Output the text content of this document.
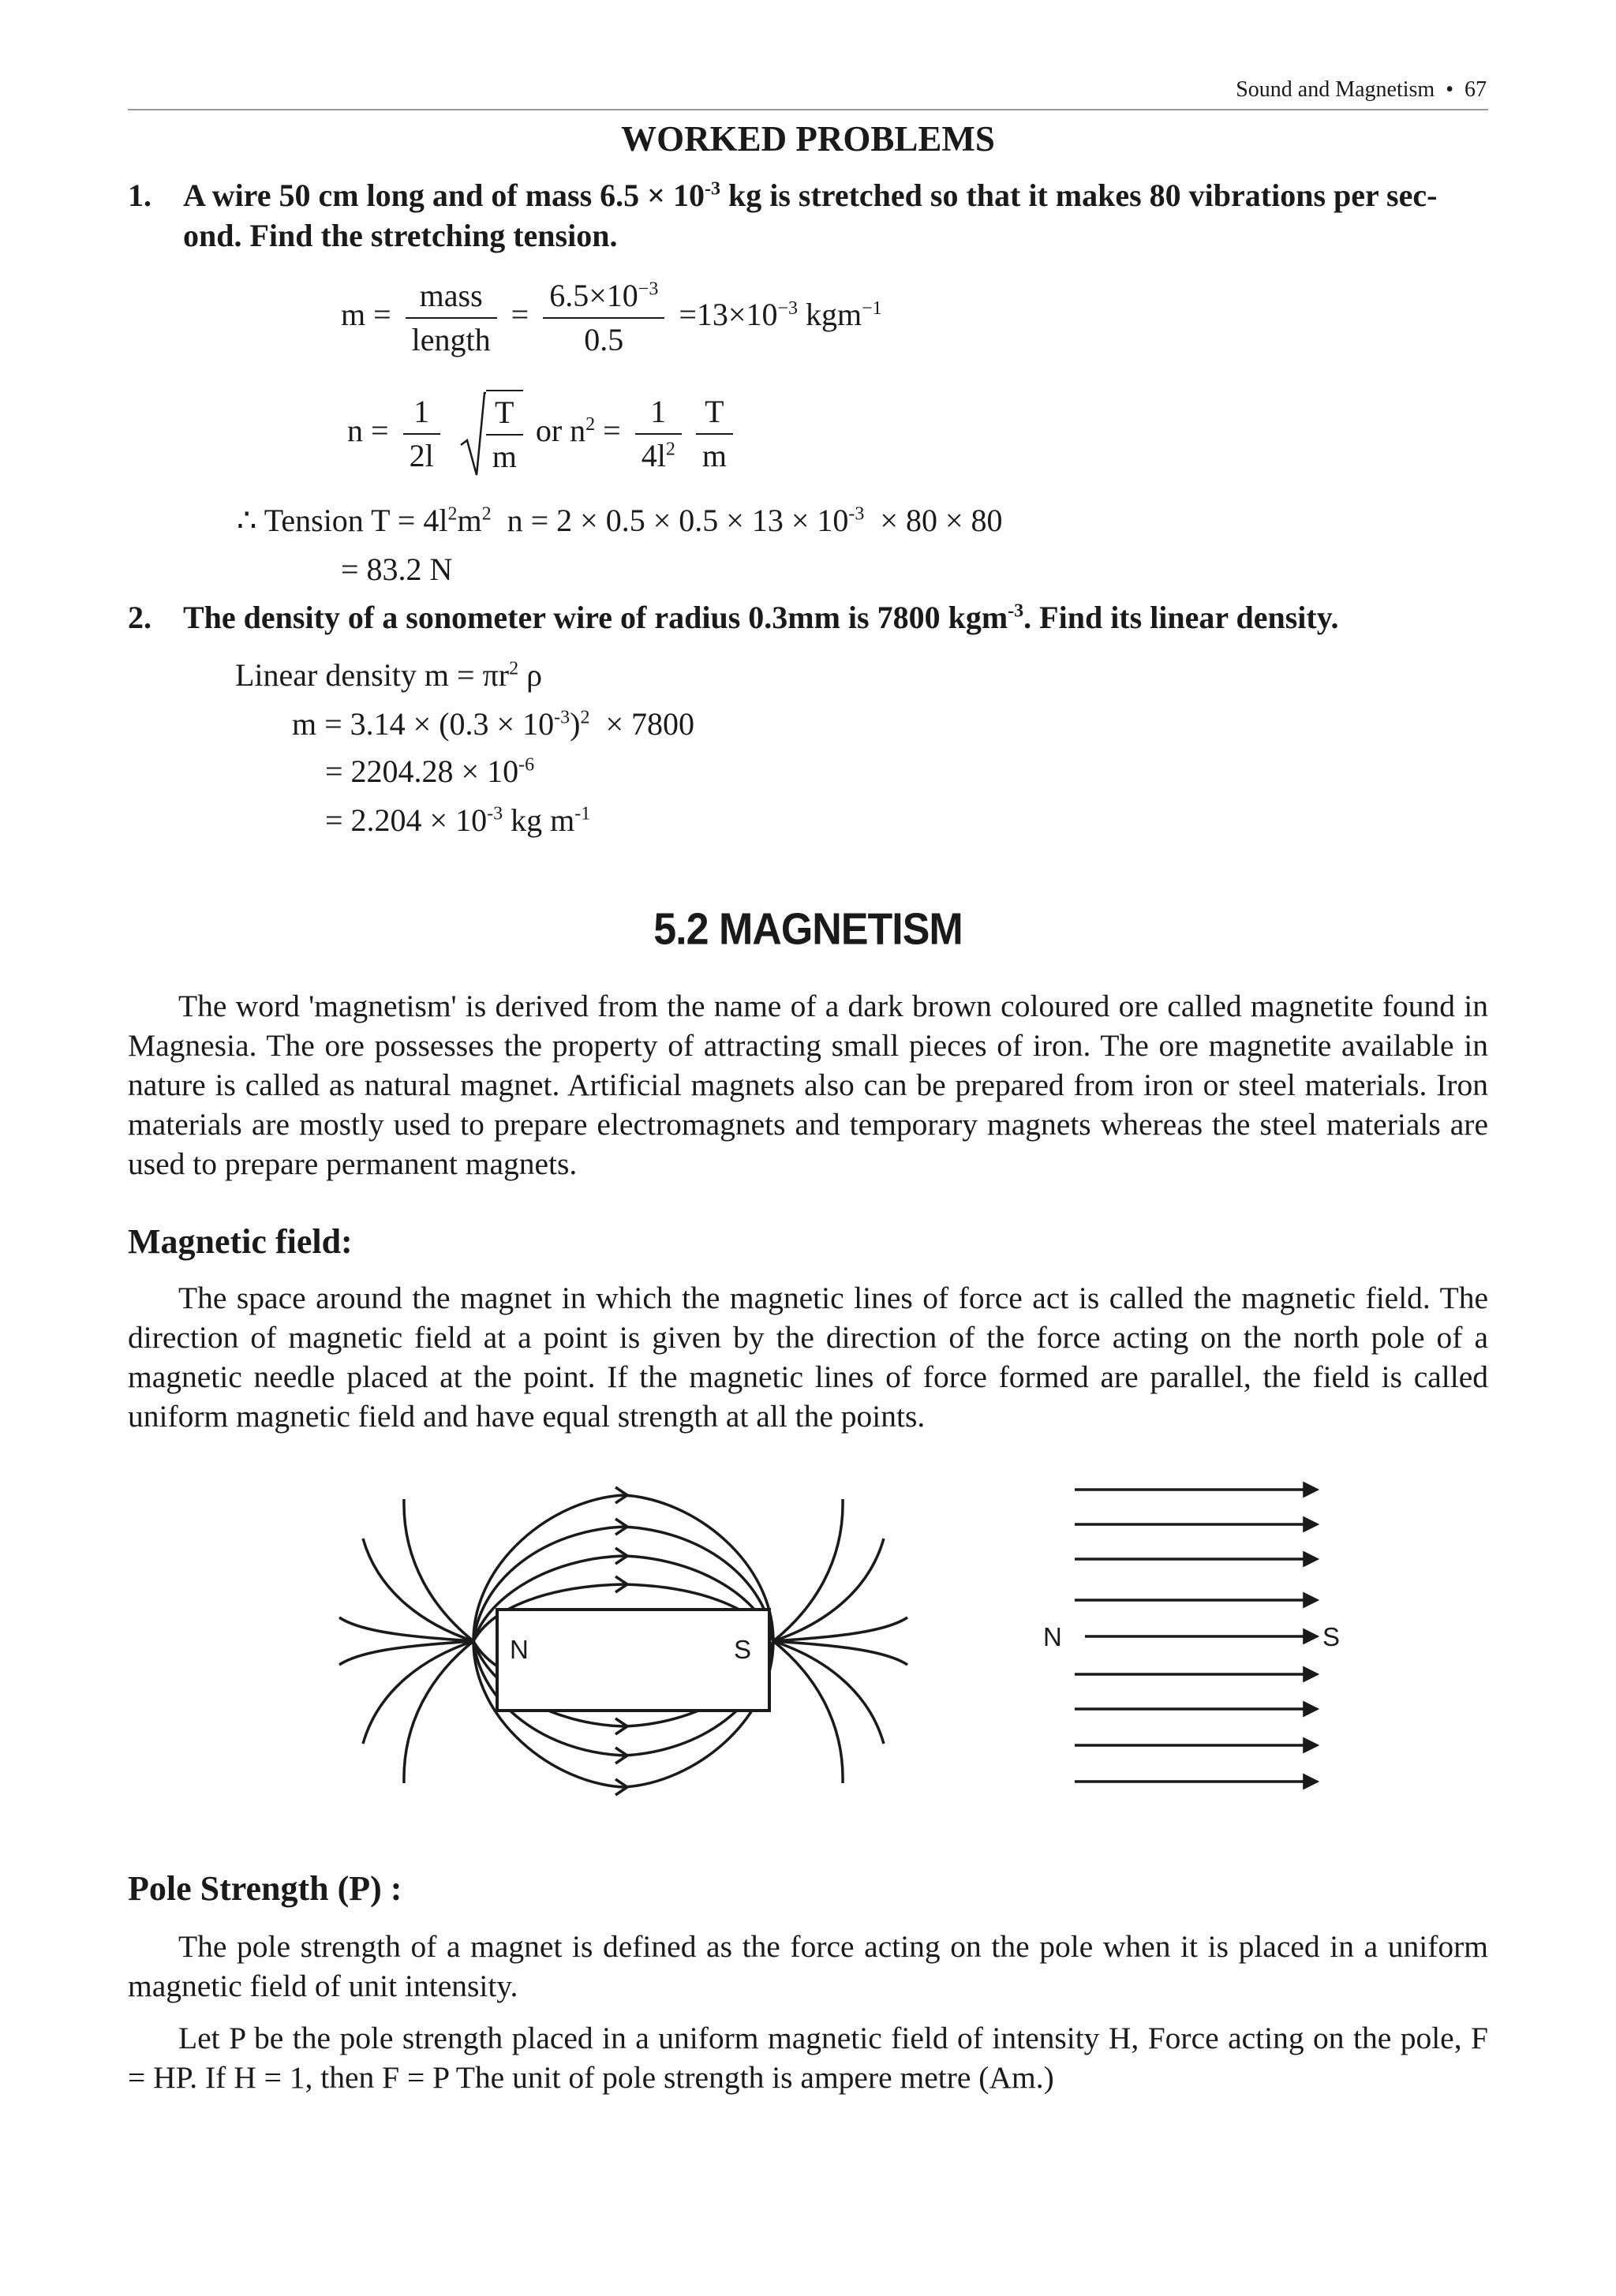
Sound and Magnetism • 67
WORKED PROBLEMS
1. A wire 50 cm long and of mass $6.5 \times 10^{-3}$ kg is stretched so that it makes 80 vibrations per sec-
ond. Find the stretching tension.
$m = \frac{\text{mass}}{\text{length}} = \frac{6.5\times 10^{-3}}{0.5} =13\times 10^{-3}$ kgm$^{-1}$
$n = \frac{1}{2l}$
$\frac{T}{m}$ or $n^2 = \frac{1}{4l^2}$
$\frac{T}{m}$
∴ Tension $T = 4l^2m^2$  $n = 2 \times 0.5 \times 0.5 \times 13 \times 10^{-3} \times 80 \times 80$
= 83.2 N
2. The density of a sonometer wire of radius 0.3mm is 7800 kgm$^{-3}$. Find its linear density.
Linear density $m = \pi r^2$ ρ
$m = 3.14 \times (0.3 \times 10^{-3})^2 \times 7800$
= $2204.28 \times 10^{-6}$
= $2.204 \times 10^{-3}$ kg $m^{-1}$
5.2 MAGNETISM
The word 'magnetism' is derived from the name of a dark brown coloured ore called magnetite found in Magnesia. The ore possesses the property of attracting small pieces of iron. The ore magnetite available in nature is called as natural magnet. Artificial magnets also can be prepared from iron or steel materials. Iron materials are mostly used to prepare electromagnets and temporary magnets whereas the steel materials are used to prepare permanent magnets.
Magnetic field:
The space around the magnet in which the magnetic lines of force act is called the magnetic field. The direction of magnetic field at a point is given by the direction of the force acting on the north pole of a magnetic needle placed at the point. If the magnetic lines of force formed are parallel, the field is called uniform magnetic field and have equal strength at all the points.
N	S	N	S
Pole Strength (P) :
The pole strength of a magnet is defined as the force acting on the pole when it is placed in a uniform magnetic field of unit intensity.
Let P be the pole strength placed in a uniform magnetic field of intensity H, Force acting on the pole, F = HP. If H = 1, then F = P The unit of pole strength is ampere metre (Am.)
